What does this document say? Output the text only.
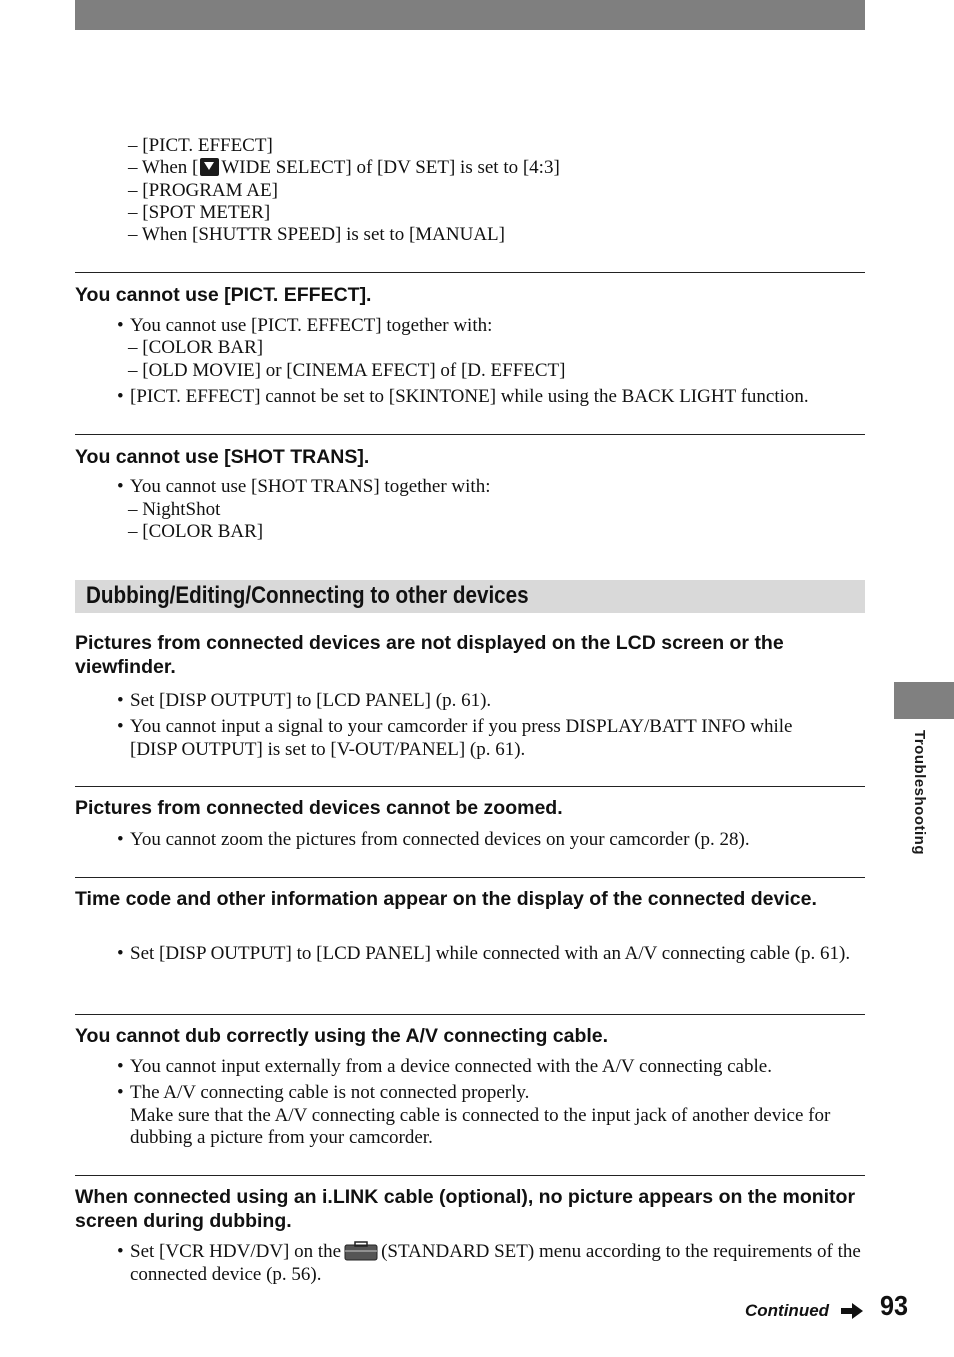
Troubleshooting
– [PICT. EFFECT]
– When [ WIDE SELECT] of [DV SET] is set to [4:3]
– [PROGRAM AE]
– [SPOT METER]
– When [SHUTTR SPEED] is set to [MANUAL]
You cannot use [PICT. EFFECT].
• You cannot use [PICT. EFFECT] together with:
– [COLOR BAR]
– [OLD MOVIE] or [CINEMA EFECT] of [D. EFFECT]
• [PICT. EFFECT] cannot be set to [SKINTONE] while using the BACK LIGHT function.
You cannot use [SHOT TRANS].
• You cannot use [SHOT TRANS] together with:
– NightShot
– [COLOR BAR]
Dubbing/Editing/Connecting to other devices
Pictures from connected devices are not displayed on the LCD screen or the viewfinder.
• Set [DISP OUTPUT] to [LCD PANEL] (p. 61).
• You cannot input a signal to your camcorder if you press DISPLAY/BATT INFO while [DISP OUTPUT] is set to [V-OUT/PANEL] (p. 61).
Pictures from connected devices cannot be zoomed.
• You cannot zoom the pictures from connected devices on your camcorder (p. 28).
Time code and other information appear on the display of the connected device.
• Set [DISP OUTPUT] to [LCD PANEL] while connected with an A/V connecting cable (p. 61).
You cannot dub correctly using the A/V connecting cable.
• You cannot input externally from a device connected with the A/V connecting cable.
• The A/V connecting cable is not connected properly.
Make sure that the A/V connecting cable is connected to the input jack of another device for dubbing a picture from your camcorder.
When connected using an i.LINK cable (optional), no picture appears on the monitor screen during dubbing.
• Set [VCR HDV/DV] on the (STANDARD SET) menu according to the requirements of the connected device (p. 56).
Continued 93
